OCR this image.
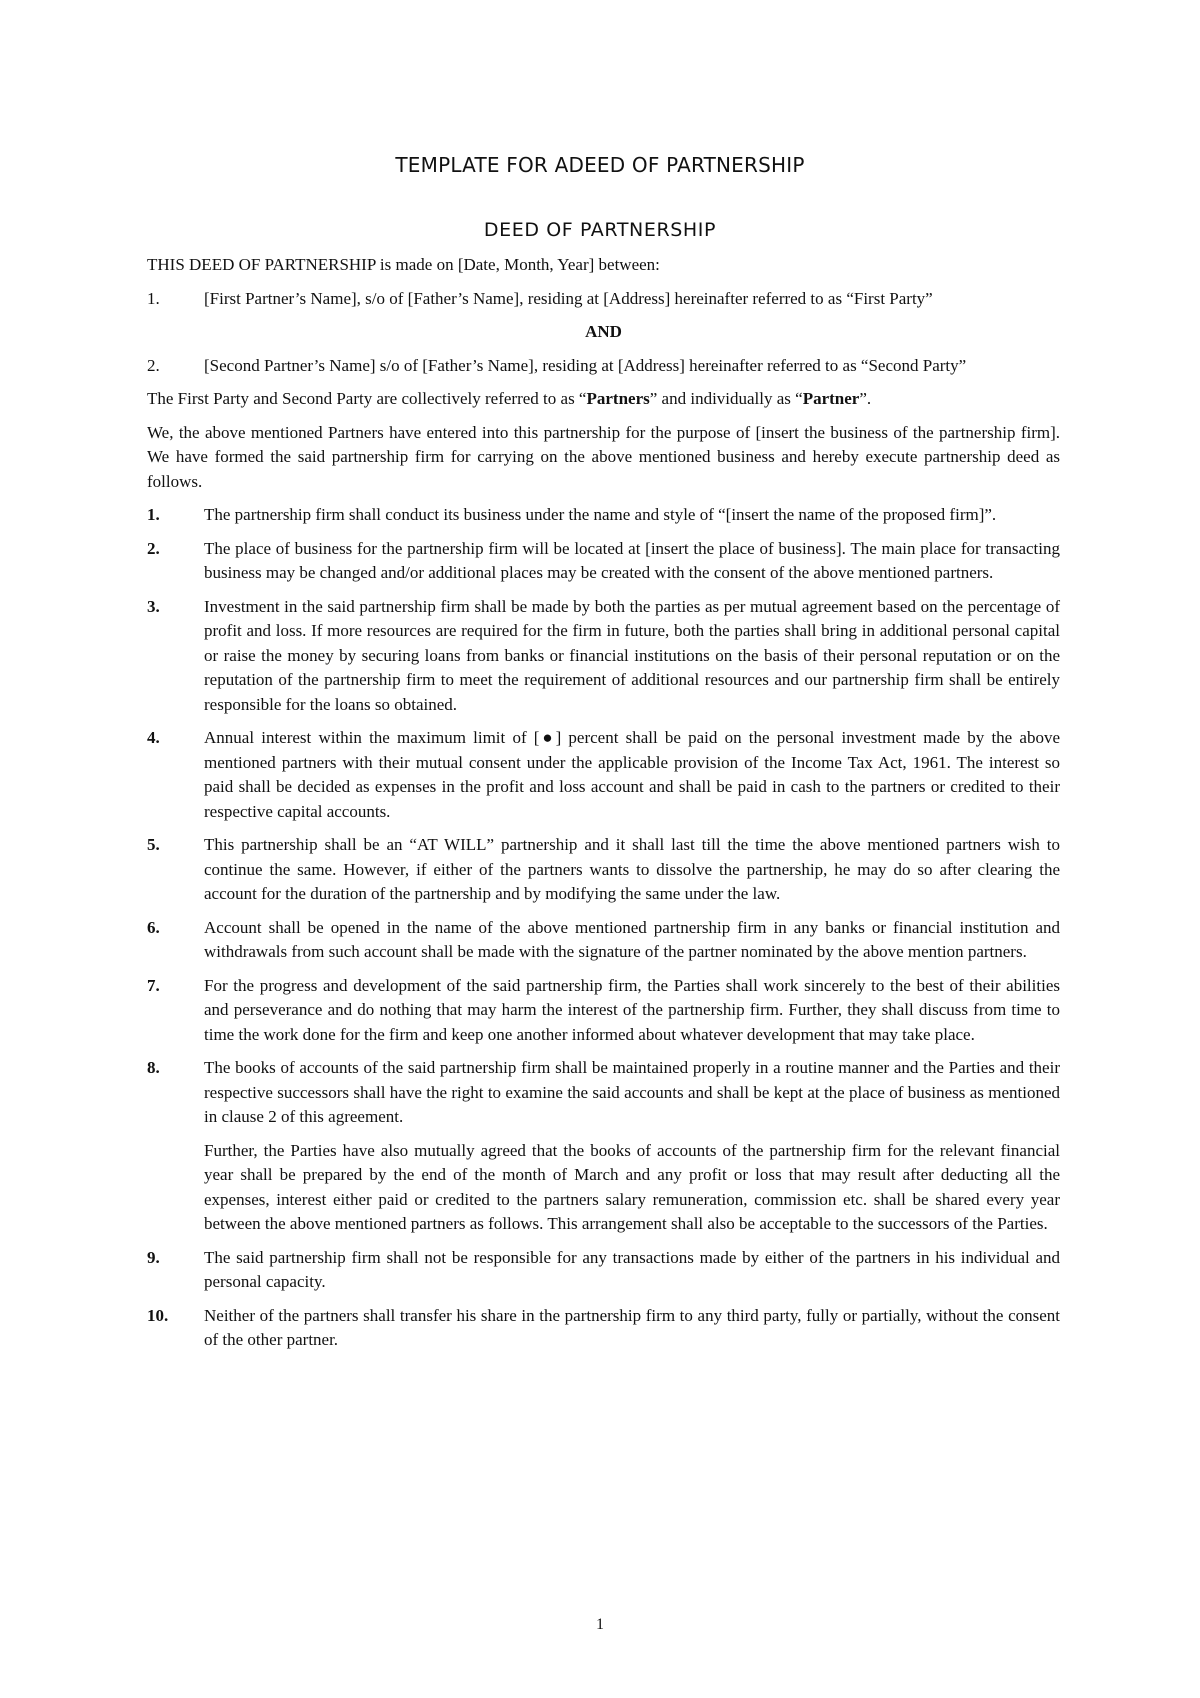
TEMPLATE FOR ADEED OF PARTNERSHIP
DEED OF PARTNERSHIP

THIS DEED OF PARTNERSHIP is made on [Date, Month, Year] between:

1.	[First Partner’s Name], s/o of [Father’s Name], residing at [Address] hereinafter referred to as “First Party”
AND
2.	[Second Partner’s Name] s/o of [Father’s Name], residing at [Address] hereinafter referred to as “Second Party”

The First Party and Second Party are collectively referred to as “Partners” and individually as “Partner”.

We, the above mentioned Partners have entered into this partnership for the purpose of [insert the business of the partnership firm]. We have formed the said partnership firm for carrying on the above mentioned business and hereby execute partnership deed as follows.

1.	The partnership firm shall conduct its business under the name and style of “[insert the name of the proposed firm]”.
2.	The place of business for the partnership firm will be located at [insert the place of business]. The main place for transacting business may be changed and/or additional places may be created with the consent of the above mentioned partners.
3.	Investment in the said partnership firm shall be made by both the parties as per mutual agreement based on the percentage of profit and loss. If more resources are required for the firm in future, both the parties shall bring in additional personal capital or raise the money by securing loans from banks or financial institutions on the basis of their personal reputation or on the reputation of the partnership firm to meet the requirement of additional resources and our partnership firm shall be entirely responsible for the loans so obtained.
4.	Annual interest within the maximum limit of [●] percent shall be paid on the personal investment made by the above mentioned partners with their mutual consent under the applicable provision of the Income Tax Act, 1961. The interest so paid shall be decided as expenses in the profit and loss account and shall be paid in cash to the partners or credited to their respective capital accounts.
5.	This partnership shall be an “AT WILL” partnership and it shall last till the time the above mentioned partners wish to continue the same. However, if either of the partners wants to dissolve the partnership, he may do so after clearing the account for the duration of the partnership and by modifying the same under the law.
6.	Account shall be opened in the name of the above mentioned partnership firm in any banks or financial institution and withdrawals from such account shall be made with the signature of the partner nominated by the above mention partners.
7.	For the progress and development of the said partnership firm, the Parties shall work sincerely to the best of their abilities and perseverance and do nothing that may harm the interest of the partnership firm. Further, they shall discuss from time to time the work done for the firm and keep one another informed about whatever development that may take place.
8.	The books of accounts of the said partnership firm shall be maintained properly in a routine manner and the Parties and their respective successors shall have the right to examine the said accounts and shall be kept at the place of business as mentioned in clause 2 of this agreement.

Further, the Parties have also mutually agreed that the books of accounts of the partnership firm for the relevant financial year shall be prepared by the end of the month of March and any profit or loss that may result after deducting all the expenses, interest either paid or credited to the partners salary remuneration, commission etc. shall be shared every year between the above mentioned partners as follows. This arrangement shall also be acceptable to the successors of the Parties.

9.	The said partnership firm shall not be responsible for any transactions made by either of the partners in his individual and personal capacity.
10.	Neither of the partners shall transfer his share in the partnership firm to any third party, fully or partially, without the consent of the other partner.
1
